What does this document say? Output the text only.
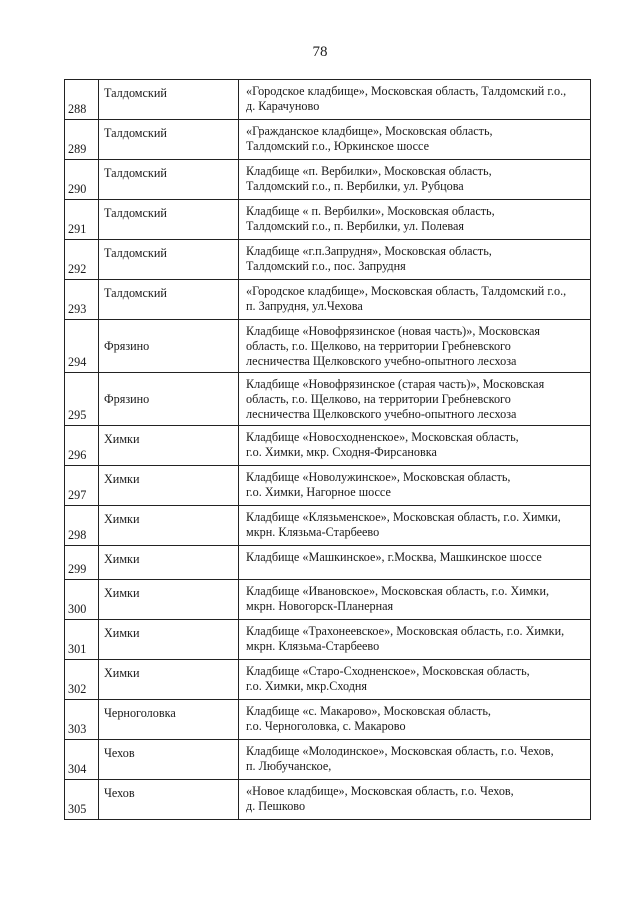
78
288	Талдомский	«Городское кладбище», Московская область, Талдомский г.о.,
д. Карачуново

289	Талдомский	«Гражданское кладбище», Московская область,
Талдомский г.о., Юркинское шоссе

290	Талдомский	Кладбище «п. Вербилки», Московская область,
Талдомский г.о., п. Вербилки, ул. Рубцова

291	Талдомский	Кладбище « п. Вербилки», Московская область,
Талдомский г.о., п. Вербилки, ул. Полевая

292	Талдомский	Кладбище «г.п.Запрудня», Московская область,
Талдомский г.о., пос. Запрудня

293	Талдомский	«Городское кладбище», Московская область, Талдомский г.о.,
п. Запрудня, ул.Чехова

294	Фрязино	Кладбище «Новофрязинское (новая часть)», Московская
область, г.о. Щелково, на территории Гребневского
лесничества Щелковского учебно-опытного лесхоза

295	Фрязино	Кладбище «Новофрязинское (старая часть)», Московская
область, г.о. Щелково, на территории Гребневского
лесничества Щелковского учебно-опытного лесхоза

296	Химки	Кладбище «Новосходненское», Московская область,
г.о. Химки, мкр. Сходня-Фирсановка

297	Химки	Кладбище «Новолужинское», Московская область,
г.о. Химки, Нагорное шоссе

298	Химки	Кладбище «Клязьменское», Московская область, г.о. Химки,
мкрн. Клязьма-Старбеево

299	Химки	Кладбище «Машкинское», г.Москва, Машкинское шоссе

300	Химки	Кладбище «Ивановское», Московская область, г.о. Химки,
мкрн. Новогорск-Планерная

301	Химки	Кладбище «Трахонеевское», Московская область, г.о. Химки,
мкрн. Клязьма-Старбеево

302	Химки	Кладбище «Старо-Сходненское», Московская область,
г.о. Химки, мкр.Сходня

303	Черноголовка	Кладбище «с. Макарово», Московская область,
г.о. Черноголовка, с. Макарово

304	Чехов	Кладбище «Молодинское», Московская область, г.о. Чехов,
п. Любучанское,

305	Чехов	«Новое кладбище», Московская область, г.о. Чехов,
д. Пешково
